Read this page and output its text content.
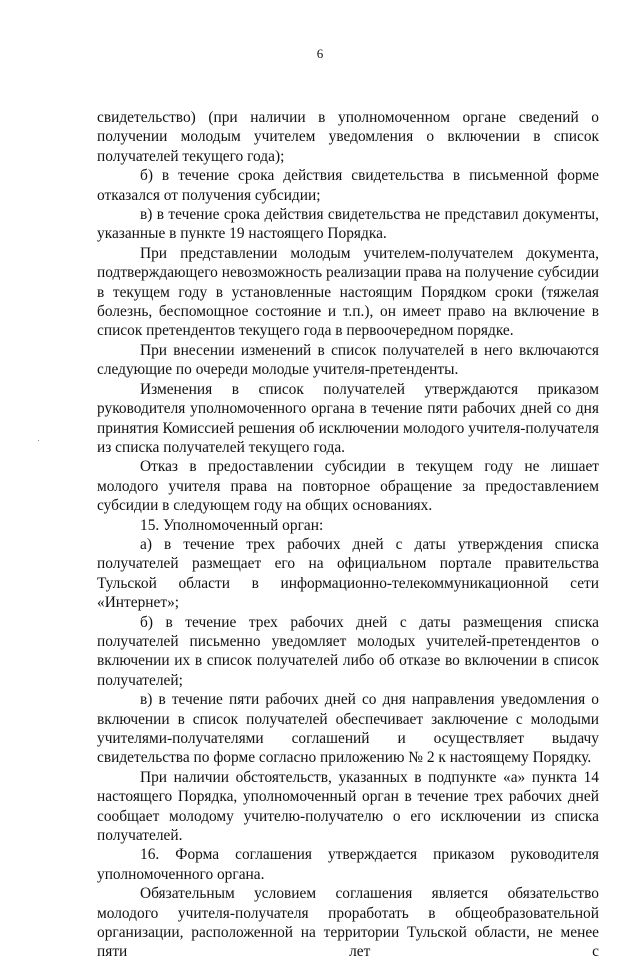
6

свидетельство) (при наличии в уполномоченном органе сведений о получении молодым учителем уведомления о включении в список получателей текущего года);

б) в течение срока действия свидетельства в письменной форме отказался от получения субсидии;

в) в течение срока действия свидетельства не представил документы, указанные в пункте 19 настоящего Порядка.

При представлении молодым учителем-получателем документа, подтверждающего невозможность реализации права на получение субсидии в текущем году в установленные настоящим Порядком сроки (тяжелая болезнь, беспомощное состояние и т.п.), он имеет право на включение в список претендентов текущего года в первоочередном порядке.

При внесении изменений в список получателей в него включаются следующие по очереди молодые учителя-претенденты.

Изменения в список получателей утверждаются приказом руководителя уполномоченного органа в течение пяти рабочих дней со дня принятия Комиссией решения об исключении молодого учителя-получателя из списка получателей текущего года.

Отказ в предоставлении субсидии в текущем году не лишает молодого учителя права на повторное обращение за предоставлением субсидии в следующем году на общих основаниях.

15. Уполномоченный орган:

а) в течение трех рабочих дней с даты утверждения списка получателей размещает его на официальном портале правительства Тульской области в информационно-телекоммуникационной сети «Интернет»;

б) в течение трех рабочих дней с даты размещения списка получателей письменно уведомляет молодых учителей-претендентов о включении их в список получателей либо об отказе во включении в список получателей;

в) в течение пяти рабочих дней со дня направления уведомления о включении в список получателей обеспечивает заключение с молодыми учителями-получателями соглашений и осуществляет выдачу свидетельства по форме согласно приложению № 2 к настоящему Порядку.

При наличии обстоятельств, указанных в подпункте «а» пункта 14 настоящего Порядка, уполномоченный орган в течение трех рабочих дней сообщает молодому учителю-получателю о его исключении из списка получателей.

16. Форма соглашения утверждается приказом руководителя уполномоченного органа.

Обязательным условием соглашения является обязательство молодого учителя-получателя проработать в общеобразовательной организации, расположенной на территории Тульской области, не менее пяти лет с
